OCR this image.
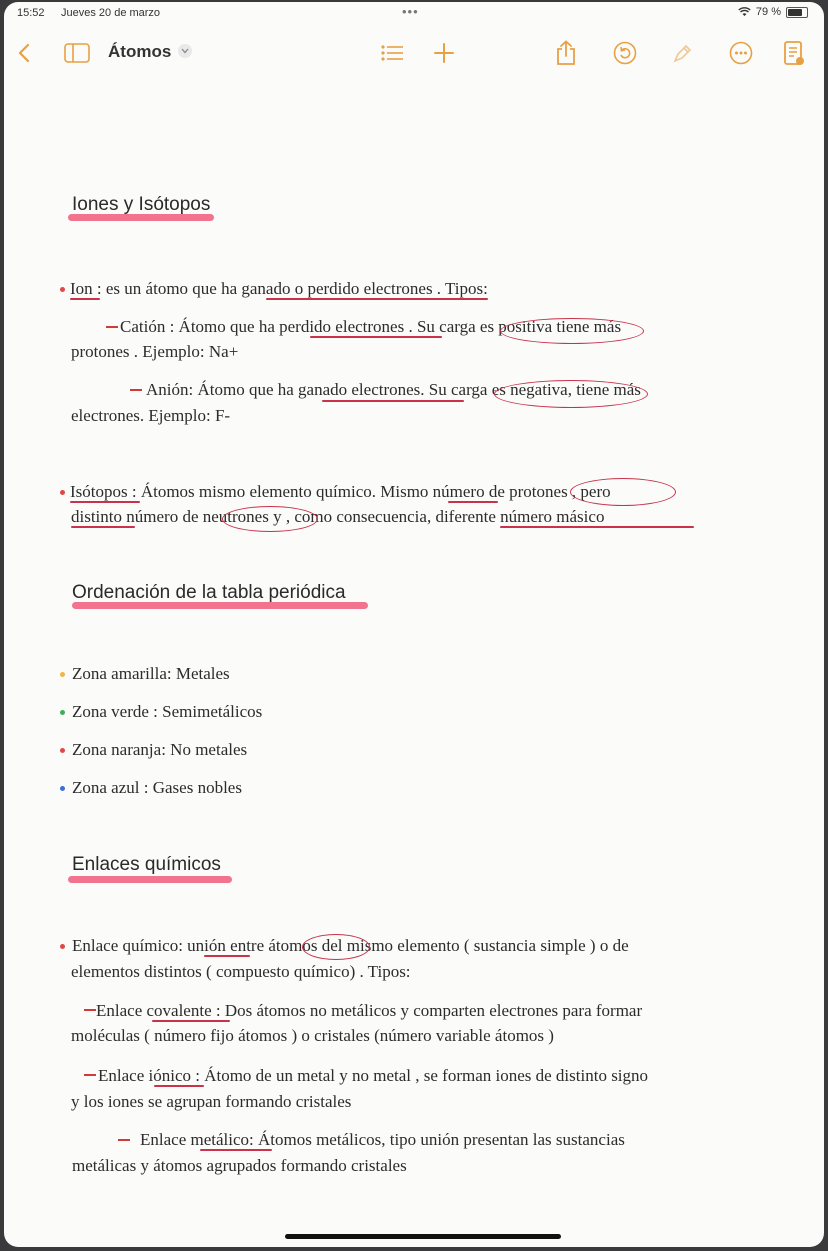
15:52 Jueves 20 de marzo	•••	79 %
Átomos
Iones y Isótopos
Ion : es un átomo que ha ganado o perdido electrones . Tipos:
Catión : Átomo que ha perdido electrones . Su carga es positiva tiene más
protones . Ejemplo: Na+
Anión: Átomo que ha ganado electrones. Su carga es negativa, tiene más
electrones. Ejemplo: F-
Isótopos : Átomos mismo elemento químico. Mismo número de protones , pero
distinto número de neutrones y , como consecuencia, diferente número másico
Ordenación de la tabla periódica
Zona amarilla: Metales
Zona verde : Semimetálicos
Zona naranja: No metales
Zona azul : Gases nobles
Enlaces químicos
Enlace químico: unión entre átomos del mismo elemento ( sustancia simple ) o de
elementos distintos ( compuesto químico) . Tipos:
Enlace covalente : Dos átomos no metálicos y comparten electrones para formar
moléculas ( número fijo átomos ) o cristales (número variable átomos )
Enlace iónico : Átomo de un metal y no metal , se forman iones de distinto signo
y los iones se agrupan formando cristales
Enlace metálico: Átomos metálicos, tipo unión presentan las sustancias
metálicas y átomos agrupados formando cristales
